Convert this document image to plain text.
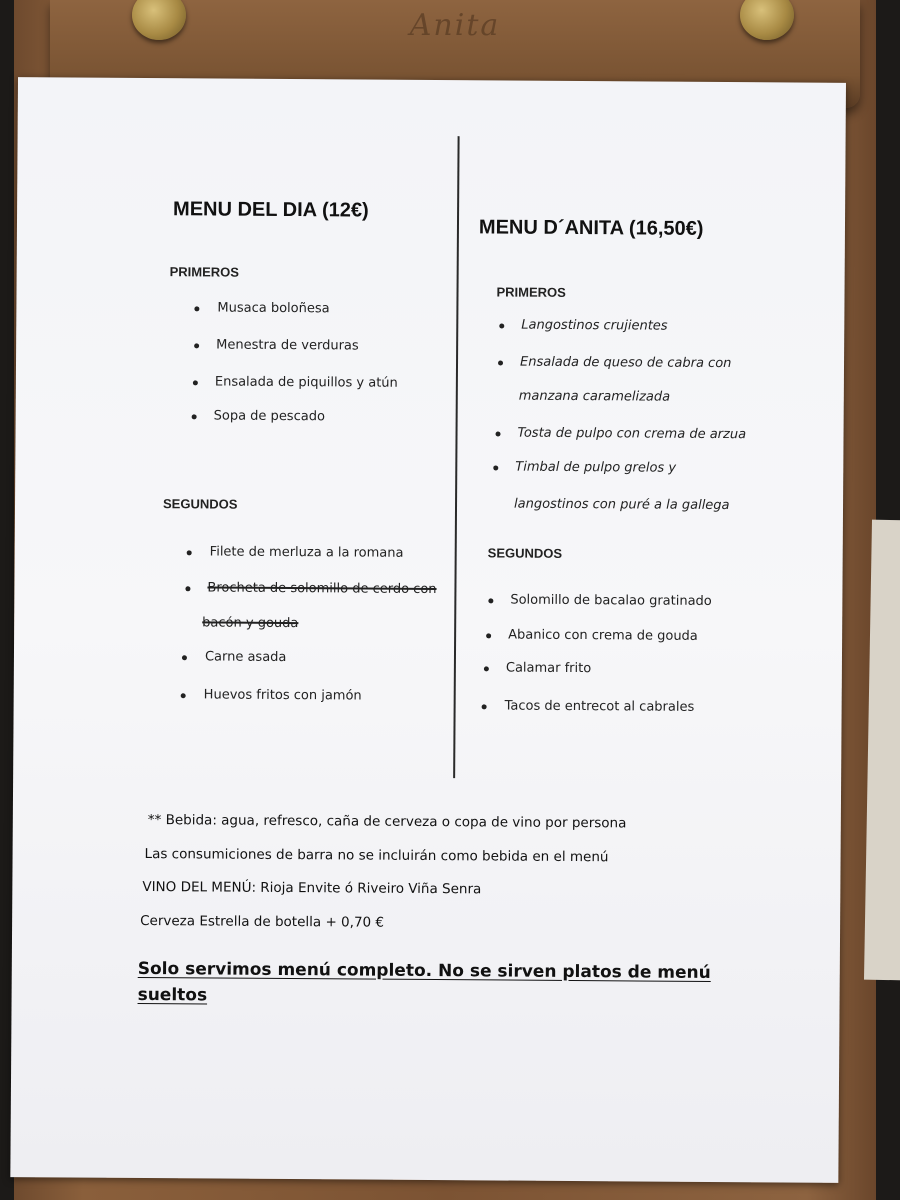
Anita
MENU DEL DIA (12€)
PRIMEROS
Musaca boloñesa
Menestra de verduras
Ensalada de piquillos y atún
Sopa de pescado
SEGUNDOS
Filete de merluza a la romana
Brocheta de solomillo de cerdo con
bacón y gouda
Carne asada
Huevos fritos con jamón
MENU D´ANITA (16,50€)
PRIMEROS
Langostinos crujientes
Ensalada de queso de cabra con
manzana caramelizada
Tosta de pulpo con crema de arzua
Timbal de pulpo grelos y
langostinos con puré a la gallega
SEGUNDOS
Solomillo de bacalao gratinado
Abanico con crema de gouda
Calamar frito
Tacos de entrecot al cabrales
** Bebida: agua, refresco, caña de cerveza o copa de vino por persona
Las consumiciones de barra no se incluirán como bebida en el menú
VINO DEL MENÚ: Rioja Envite ó Riveiro Viña Senra
Cerveza Estrella de botella + 0,70 €
Solo servimos menú completo. No se sirven platos de menú
sueltos
